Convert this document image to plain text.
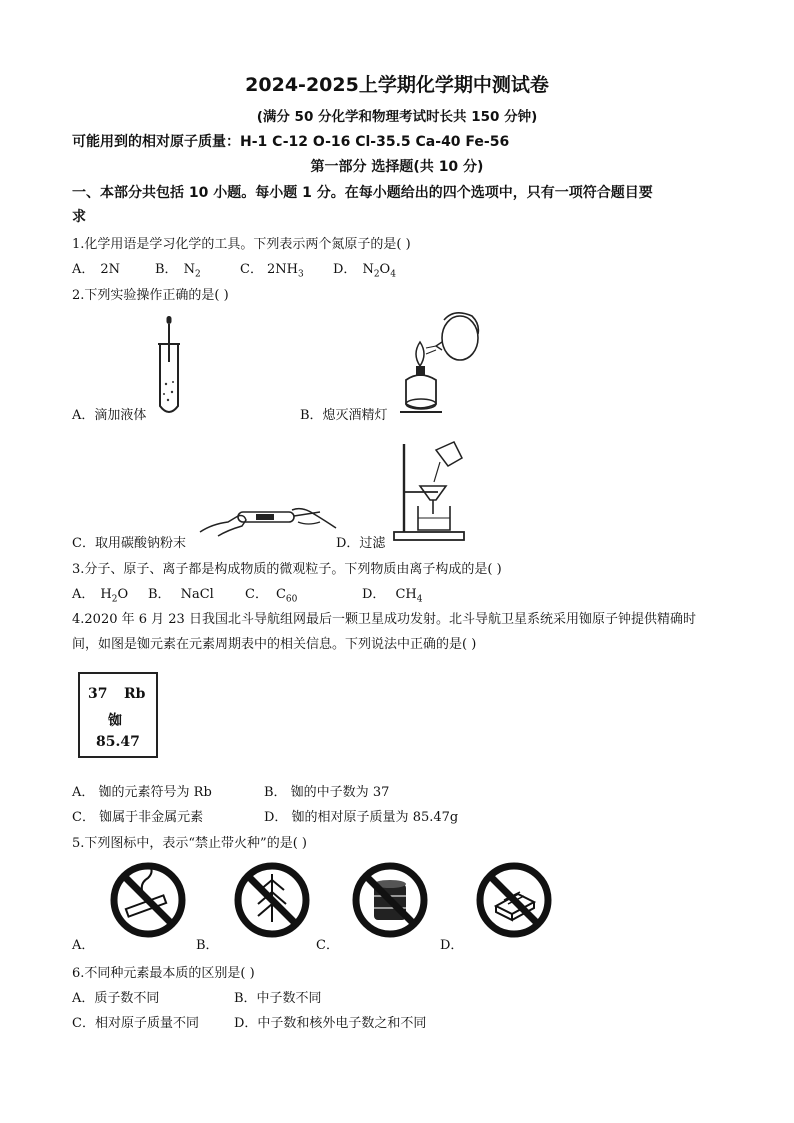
2024-2025上学期化学期中测试卷
(满分 50 分化学和物理考试时长共 150 分钟)
可能用到的相对原子质量：H-1 C-12 O-16 Cl-35.5 Ca-40 Fe-56
第一部分 选择题(共 10 分)
一、本部分共包括 10 小题。每小题 1 分。在每小题给出的四个选项中，只有一项符合题目要
求
1.化学用语是学习化学的工具。下列表示两个氮原子的是( )
A． 2N	B． $N_2$	C． $2NH_3$ D． $N_2O_4$
2.下列实验操作正确的是( )
A．滴加液体	B．熄灭酒精灯
C．取用碳酸钠粉末	D．过滤
3.分子、原子、离子都是构成物质的微观粒子。下列物质由离子构成的是( )
A． $H_2O$ B． NaCl C． $C_{60}$	D． $CH_4$
4.2020 年 6 月 23 日我国北斗导航组网最后一颗卫星成功发射。北斗导航卫星系统采用铷原子钟提供精确时
间，如图是铷元素在元素周期表中的相关信息。下列说法中正确的是( )
37 Rb
铷
85.47
A． 铷的元素符号为 Rb	B． 铷的中子数为 37
C． 铷属于非金属元素	D． 铷的相对原子质量为 85.47g
5.下列图标中，表示“禁止带火种”的是( )
A．	B．	C．	D．
6.不同种元素最本质的区别是( )
A．质子数不同	B．中子数不同
C．相对原子质量不同	D．中子数和核外电子数之和不同
